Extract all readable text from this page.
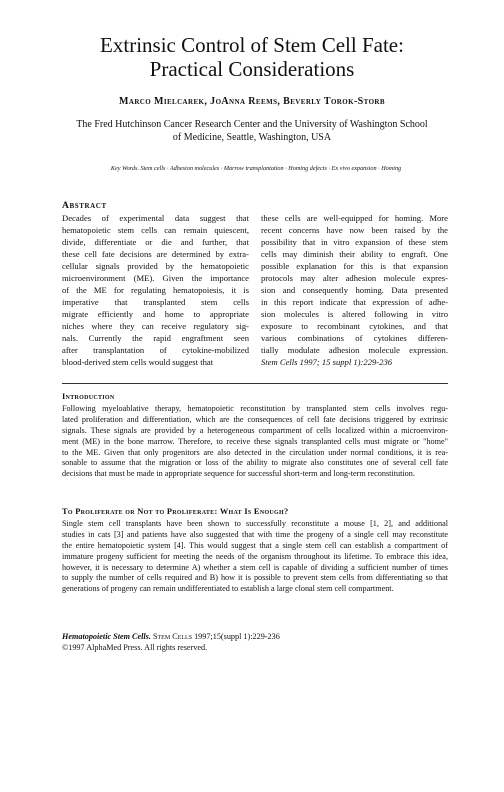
Extrinsic Control of Stem Cell Fate:
Practical Considerations
Marco Mielcarek, JoAnna Reems, Beverly Torok-Storb
The Fred Hutchinson Cancer Research Center and the University of Washington School
of Medicine, Seattle, Washington, USA
Key Words. Stem cells · Adhesion molecules · Marrow transplantation · Homing defects · Ex vivo expansion · Homing
Abstract
Decades of experimental data suggest that
hematopoietic stem cells can remain quiescent,
divide, differentiate or die and further, that
these cell fate decisions are determined by extra-
cellular signals provided by the hematopoietic
microenvironment (ME). Given the importance
of the ME for regulating hematopoiesis, it is
imperative that transplanted stem cells
migrate efficiently and home to appropriate
niches where they can receive regulatory sig-
nals. Currently the rapid engraftment seen
after transplantation of cytokine-mobilized
blood-derived stem cells would suggest that
these cells are well-equipped for homing. More
recent concerns have now been raised by the
possibility that in vitro expansion of these stem
cells may diminish their ability to engraft. One
possible explanation for this is that expansion
protocols may alter adhesion molecule expres-
sion and consequently homing. Data presented
in this report indicate that expression of adhe-
sion molecules is altered following in vitro
exposure to recombinant cytokines, and that
various combinations of cytokines differen-
tially modulate adhesion molecule expression.
Stem Cells 1997; 15 suppl 1):229-236
Introduction
Following myeloablative therapy, hematopoietic reconstitution by transplanted stem cells involves regu-
lated proliferation and differentiation, which are the consequences of cell fate decisions triggered by extrinsic
signals. These signals are provided by a heterogeneous compartment of cells localized within a microenviron-
ment (ME) in the bone marrow. Therefore, to receive these signals transplanted cells must migrate or "home"
to the ME. Given that only progenitors are also detected in the circulation under normal conditions, it is rea-
sonable to assume that the migration or loss of the ability to migrate also constitutes one of several cell fate
decisions that must be made in appropriate sequence for successful short-term and long-term reconstitution.
To Proliferate or Not to Proliferate: What Is Enough?
Single stem cell transplants have been shown to successfully reconstitute a mouse [1, 2], and additional
studies in cats [3] and patients have also suggested that with time the progeny of a single cell may reconstitute
the entire hematopoietic system [4]. This would suggest that a single stem cell can establish a compartment of
immature progeny sufficient for meeting the needs of the organism throughout its lifetime. To embrace this idea,
however, it is necessary to determine A) whether a stem cell is capable of dividing a sufficient number of times
to supply the number of cells required and B) how it is possible to prevent stem cells from differentiating so that
generations of progeny can remain undifferentiated to establish a large clonal stem cell compartment.
Hematopoietic Stem Cells. Stem Cells 1997;15(suppl 1):229-236
©1997 AlphaMed Press. All rights reserved.
